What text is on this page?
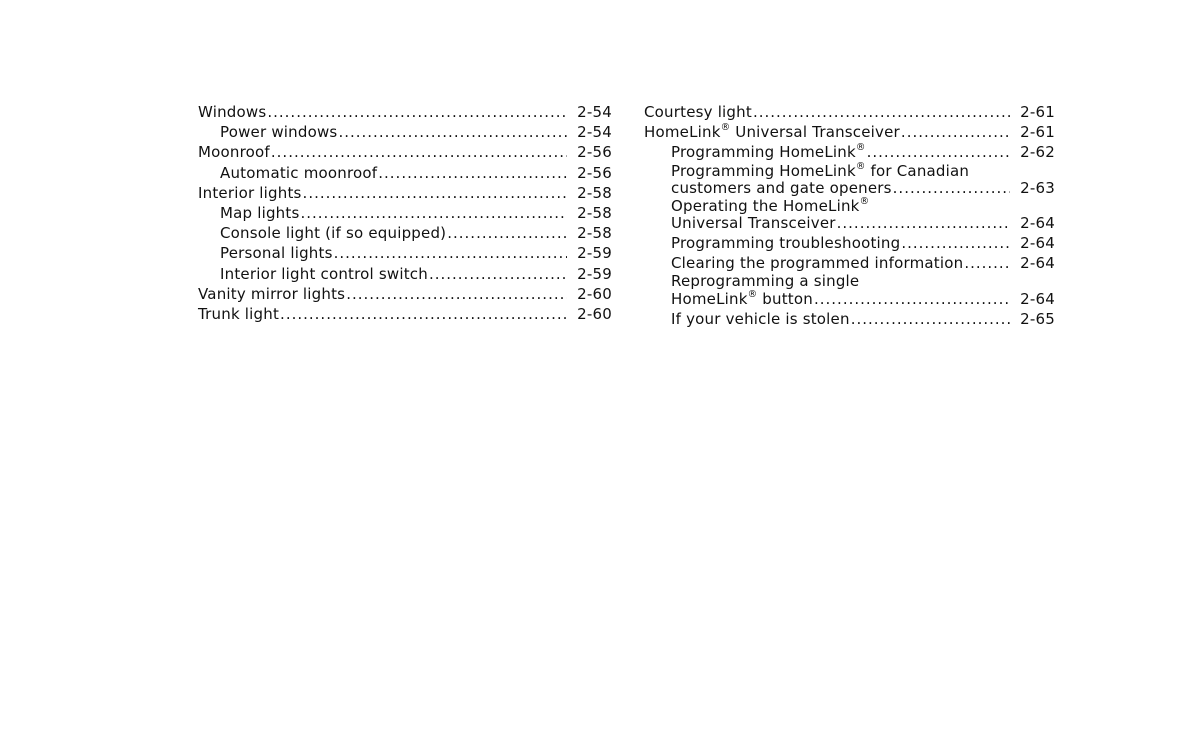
Windows .....	2-54
Power windows .....	2-54
Moonroof .....	2-56
Automatic moonroof .....	2-56
Interior lights .....	2-58
Map lights .....	2-58
Console light (if so equipped) .....	2-58
Personal lights .....	2-59
Interior light control switch .....	2-59
Vanity mirror lights .....	2-60
Trunk light .....	2-60
Courtesy light .....	2-61
HomeLink® Universal Transceiver .....	2-61
Programming HomeLink® .....	2-62
Programming HomeLink® for Canadian
customers and gate openers .....	2-63
Operating the HomeLink®
Universal Transceiver .....	2-64
Programming troubleshooting .....	2-64
Clearing the programmed information .....	2-64
Reprogramming a single
HomeLink® button .....	2-64
If your vehicle is stolen .....	2-65
